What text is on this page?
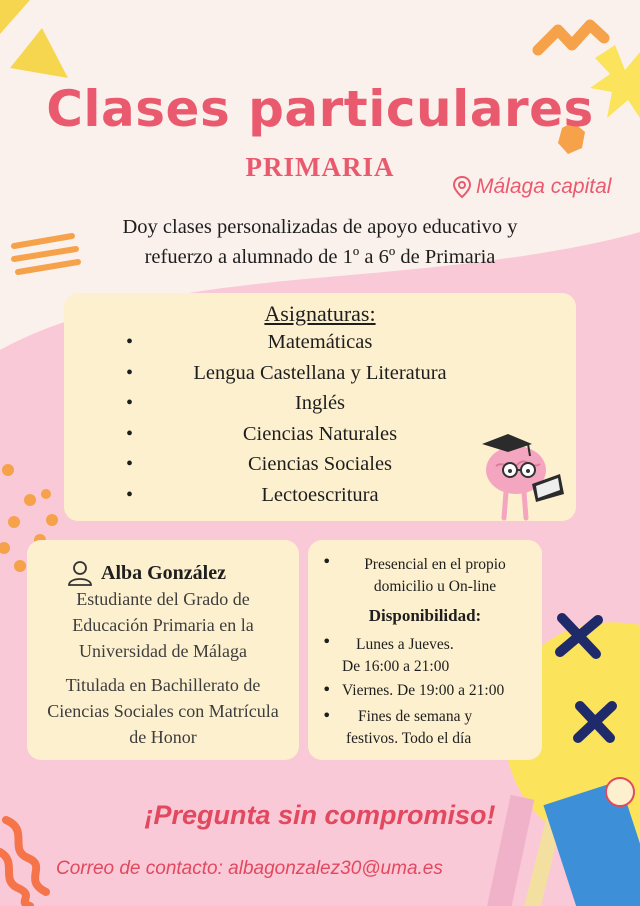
Clases particulares
PRIMARIA
Málaga capital
Doy clases personalizadas de apoyo educativo y
refuerzo a alumnado de 1º a 6º de Primaria
Asignaturas:
• Matemáticas
• Lengua Castellana y Literatura
• Inglés
• Ciencias Naturales
• Ciencias Sociales
• Lectoescritura
Alba González
Estudiante del Grado de
Educación Primaria en la
Universidad de Málaga
Titulada en Bachillerato de
Ciencias Sociales con Matrícula
de Honor
•	Presencial en el propio
domicilio u On-line
Disponibilidad:
• Lunes a Jueves.
De 16:00 a 21:00
• Viernes. De 19:00 a 21:00
• Fines de semana y
festivos. Todo el día
¡Pregunta sin compromiso!
Correo de contacto: albagonzalez30@uma.es
